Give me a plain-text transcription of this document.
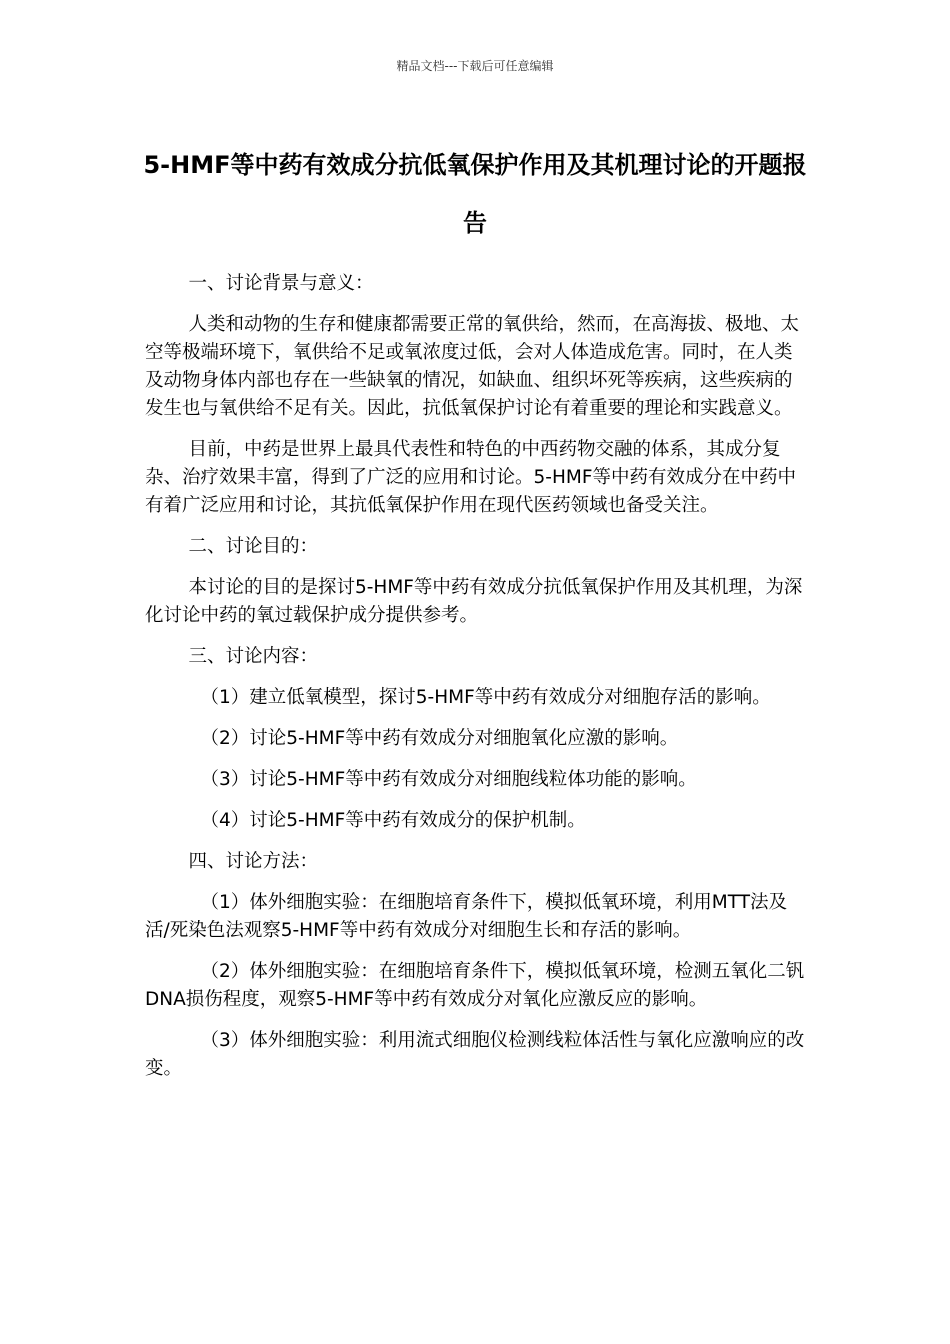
精品文档---下载后可任意编辑
5-HMF等中药有效成分抗低氧保护作用及其机理讨论的开题报告

一、讨论背景与意义：

人类和动物的生存和健康都需要正常的氧供给，然而，在高海拔、极地、太空等极端环境下，氧供给不足或氧浓度过低，会对人体造成危害。同时，在人类及动物身体内部也存在一些缺氧的情况，如缺血、组织坏死等疾病，这些疾病的发生也与氧供给不足有关。因此，抗低氧保护讨论有着重要的理论和实践意义。

目前，中药是世界上最具代表性和特色的中西药物交融的体系，其成分复杂、治疗效果丰富，得到了广泛的应用和讨论。5-HMF等中药有效成分在中药中有着广泛应用和讨论，其抗低氧保护作用在现代医药领域也备受关注。

二、讨论目的：

本讨论的目的是探讨5-HMF等中药有效成分抗低氧保护作用及其机理，为深化讨论中药的氧过载保护成分提供参考。

三、讨论内容：

（1）建立低氧模型，探讨5-HMF等中药有效成分对细胞存活的影响。

（2）讨论5-HMF等中药有效成分对细胞氧化应激的影响。

（3）讨论5-HMF等中药有效成分对细胞线粒体功能的影响。

（4）讨论5-HMF等中药有效成分的保护机制。

四、讨论方法：

（1）体外细胞实验：在细胞培育条件下，模拟低氧环境，利用MTT法及活/死染色法观察5-HMF等中药有效成分对细胞生长和存活的影响。

（2）体外细胞实验：在细胞培育条件下，模拟低氧环境，检测五氧化二钒DNA损伤程度，观察5-HMF等中药有效成分对氧化应激反应的影响。

（3）体外细胞实验：利用流式细胞仪检测线粒体活性与氧化应激响应的改变。
